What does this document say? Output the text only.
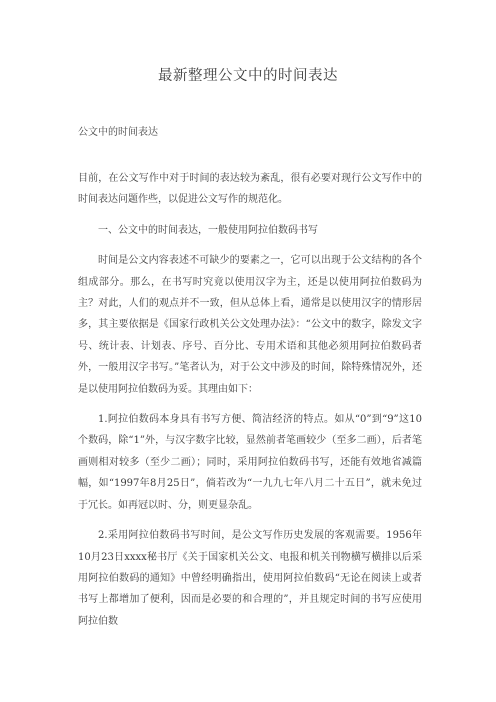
最新整理公文中的时间表达
公文中的时间表达

目前，在公文写作中对于时间的表达较为紊乱，很有必要对现行公文写作中的时间表达问题作些，以促进公文写作的规范化。

一、公文中的时间表达，一般使用阿拉伯数码书写

时间是公文内容表述不可缺少的要素之一，它可以出现于公文结构的各个组成部分。那么，在书写时究竟以使用汉字为主，还是以使用阿拉伯数码为主？对此，人们的观点并不一致，但从总体上看，通常是以使用汉字的情形居多，其主要依据是《国家行政机关公文处理办法》：“公文中的数字，除发文字号、统计表、计划表、序号、百分比、专用术语和其他必须用阿拉伯数码者外，一般用汉字书写。”笔者认为，对于公文中涉及的时间，除特殊情况外，还是以使用阿拉伯数码为妥。其理由如下：

1.阿拉伯数码本身具有书写方便、简洁经济的特点。如从“0”到“9”这10个数码，除“1”外，与汉字数字比较，显然前者笔画较少（至多二画），后者笔画则相对较多（至少二画）；同时，采用阿拉伯数码书写，还能有效地省减篇幅，如“1997年8月25日”，倘若改为“一九九七年八月二十五日”，就未免过于冗长。如再冠以时、分，则更显杂乱。

2.采用阿拉伯数码书写时间，是公文写作历史发展的客观需要。1956年10月23日xxxx秘书厅《关于国家机关公文、电报和机关刊物横写横排以后采用阿拉伯数码的通知》中曾经明确指出，使用阿拉伯数码“无论在阅读上或者书写上都增加了便利，因而是必要的和合理的”，并且规定时间的书写应使用阿拉伯数
